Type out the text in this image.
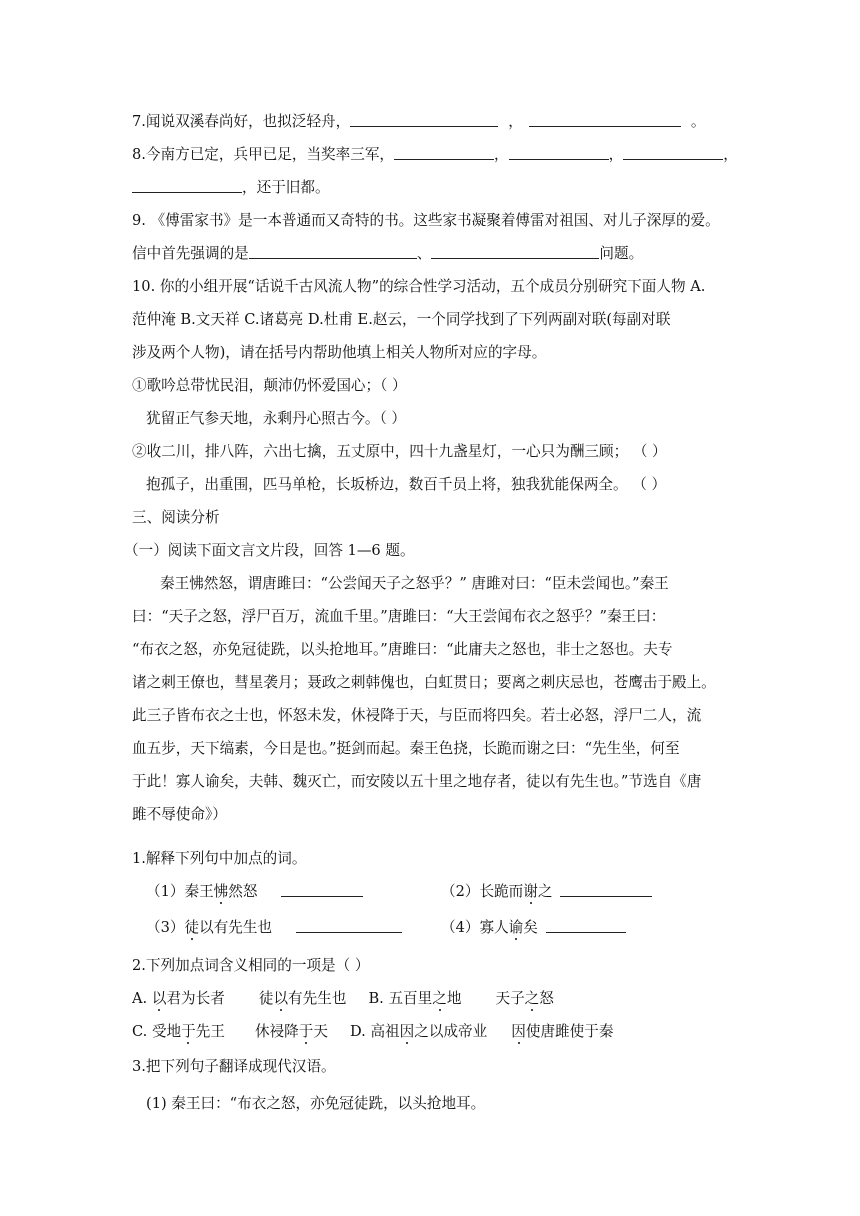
7.闻说双溪春尚好，也拟泛轻舟，	，	。
8.今南方已定，兵甲已足，当奖率三军，	，	，	，
，还于旧都。
9. 《傅雷家书》是一本普通而又奇特的书。这些家书凝聚着傅雷对祖国、对儿子深厚的爱。
信中首先强调的是	、	问题。
10. 你的小组开展“话说千古风流人物”的综合性学习活动，五个成员分别研究下面人物 A.
范仲淹 B.文天祥 C.诸葛亮 D.杜甫 E.赵云，一个同学找到了下列两副对联(每副对联
涉及两个人物)，请在括号内帮助他填上相关人物所对应的字母。
①歌吟总带忧民泪，颠沛仍怀爱国心；（ ）
犹留正气参天地，永剩丹心照古今。（ ）
②收二川，排八阵，六出七擒，五丈原中，四十九盏星灯，一心只为酬三顾； （ ）
抱孤子，出重围，匹马单枪，长坂桥边，数百千员上将，独我犹能保两全。 （ ）
三、阅读分析
（一）阅读下面文言文片段，回答 1—6 题。
秦王怫然怒，谓唐雎曰：“公尝闻天子之怒乎？” 唐雎对曰：“臣未尝闻也。”秦王
曰：“天子之怒，浮尸百万，流血千里。”唐雎曰：“大王尝闻布衣之怒乎？”秦王曰：
“布衣之怒，亦免冠徒跣，以头抢地耳。”唐雎曰：“此庸夫之怒也，非士之怒也。夫专
诸之刺王僚也，彗星袭月；聂政之刺韩傀也，白虹贯日；要离之刺庆忌也，苍鹰击于殿上。
此三子皆布衣之士也，怀怒未发，休祲降于天，与臣而将四矣。若士必怒，浮尸二人，流
血五步，天下缟素，今日是也。”挺剑而起。秦王色挠，长跪而谢之曰：“先生坐，何至
于此！寡人谕矣，夫韩、魏灭亡，而安陵以五十里之地存者，徒以有先生也。”节选自《唐
雎不辱使命》）
1.解释下列句中加点的词。
（1）秦王怫然怒	（2）长跪而谢之
（3）徒以有先生也	（4）寡人谕矣
2.下列加点词含义相同的一项是（ ）
A. 以君为长者 徒以有先生也 B. 五百里之地 天子之怒
C. 受地于先王 休祲降于天 D. 高祖因之以成帝业 因使唐雎使于秦
3.把下列句子翻译成现代汉语。
(1) 秦王曰：“布衣之怒，亦免冠徒跣，以头抢地耳。
